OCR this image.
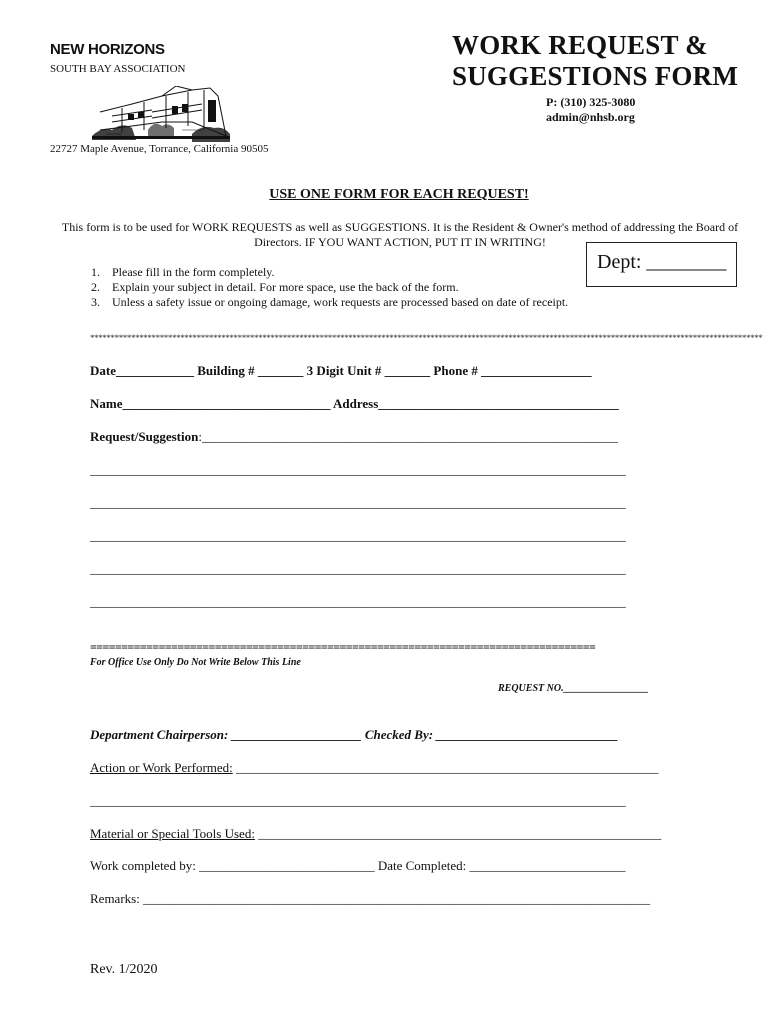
NEW HORIZONS
SOUTH BAY ASSOCIATION
22727 Maple Avenue, Torrance, California 90505
WORK REQUEST &
SUGGESTIONS FORM
P: (310) 325-3080
admin@nhsb.org
USE ONE FORM FOR EACH REQUEST!
This form is to be used for WORK REQUESTS as well as SUGGESTIONS. It is the Resident & Owner's method of addressing the Board of Directors. IF YOU WANT ACTION, PUT IT IN WRITING!
Dept: ________
1.	Please fill in the form completely.
2.	Explain your subject in detail. For more space, use the back of the form.
3.	Unless a safety issue or ongoing damage, work requests are processed based on date of receipt.
********************************************************************************************************************************************************************
Date____________ Building # _______ 3 Digit Unit # _______ Phone # _________________
Name________________________________ Address_____________________________________
Request/Suggestion:________________________________________________________________
_____________________________________________________________________________________
_____________________________________________________________________________________
_____________________________________________________________________________________
_____________________________________________________________________________________
_____________________________________________________________________________________
=================================================================================
For Office Use Only Do Not Write Below This Line
REQUEST NO._________________
Department Chairperson: ____________________ Checked By: ____________________________
Action or Work Performed: _________________________________________________________________
_____________________________________________________________________________________
Material or Special Tools Used: ______________________________________________________________
Work completed by: ___________________________ Date Completed: ________________________
Remarks: ______________________________________________________________________________
Rev. 1/2020
